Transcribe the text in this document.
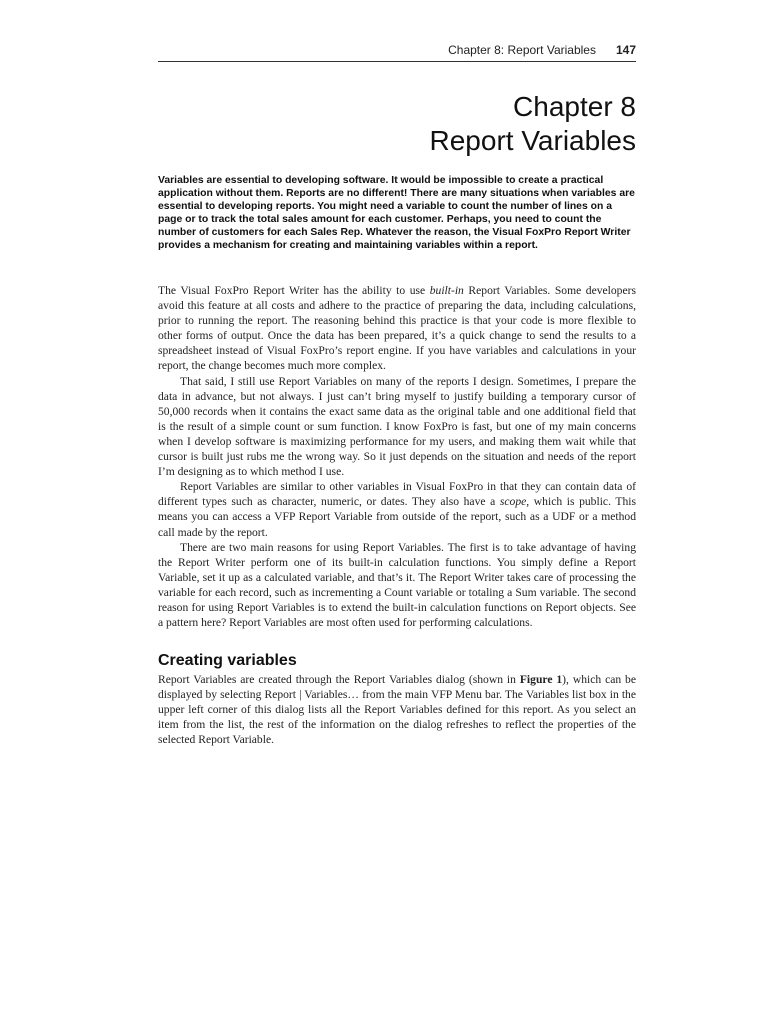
Chapter 8: Report Variables 147
Chapter 8
Report Variables

Variables are essential to developing software. It would be impossible to create a practical application without them. Reports are no different! There are many situations when variables are essential to developing reports. You might need a variable to count the number of lines on a page or to track the total sales amount for each customer. Perhaps, you need to count the number of customers for each Sales Rep. Whatever the reason, the Visual FoxPro Report Writer provides a mechanism for creating and maintaining variables within a report.

The Visual FoxPro Report Writer has the ability to use built-in Report Variables. Some developers avoid this feature at all costs and adhere to the practice of preparing the data, including calculations, prior to running the report. The reasoning behind this practice is that your code is more flexible to other forms of output. Once the data has been prepared, it’s a quick change to send the results to a spreadsheet instead of Visual FoxPro’s report engine. If you have variables and calculations in your report, the change becomes much more complex.

That said, I still use Report Variables on many of the reports I design. Sometimes, I prepare the data in advance, but not always. I just can’t bring myself to justify building a temporary cursor of 50,000 records when it contains the exact same data as the original table and one additional field that is the result of a simple count or sum function. I know FoxPro is fast, but one of my main concerns when I develop software is maximizing performance for my users, and making them wait while that cursor is built just rubs me the wrong way. So it just depends on the situation and needs of the report I’m designing as to which method I use.

Report Variables are similar to other variables in Visual FoxPro in that they can contain data of different types such as character, numeric, or dates. They also have a scope, which is public. This means you can access a VFP Report Variable from outside of the report, such as a UDF or a method call made by the report.

There are two main reasons for using Report Variables. The first is to take advantage of having the Report Writer perform one of its built-in calculation functions. You simply define a Report Variable, set it up as a calculated variable, and that’s it. The Report Writer takes care of processing the variable for each record, such as incrementing a Count variable or totaling a Sum variable. The second reason for using Report Variables is to extend the built-in calculation functions on Report objects. See a pattern here? Report Variables are most often used for performing calculations.

Creating variables

Report Variables are created through the Report Variables dialog (shown in Figure 1), which can be displayed by selecting Report | Variables… from the main VFP Menu bar. The Variables list box in the upper left corner of this dialog lists all the Report Variables defined for this report. As you select an item from the list, the rest of the information on the dialog refreshes to reflect the properties of the selected Report Variable.
